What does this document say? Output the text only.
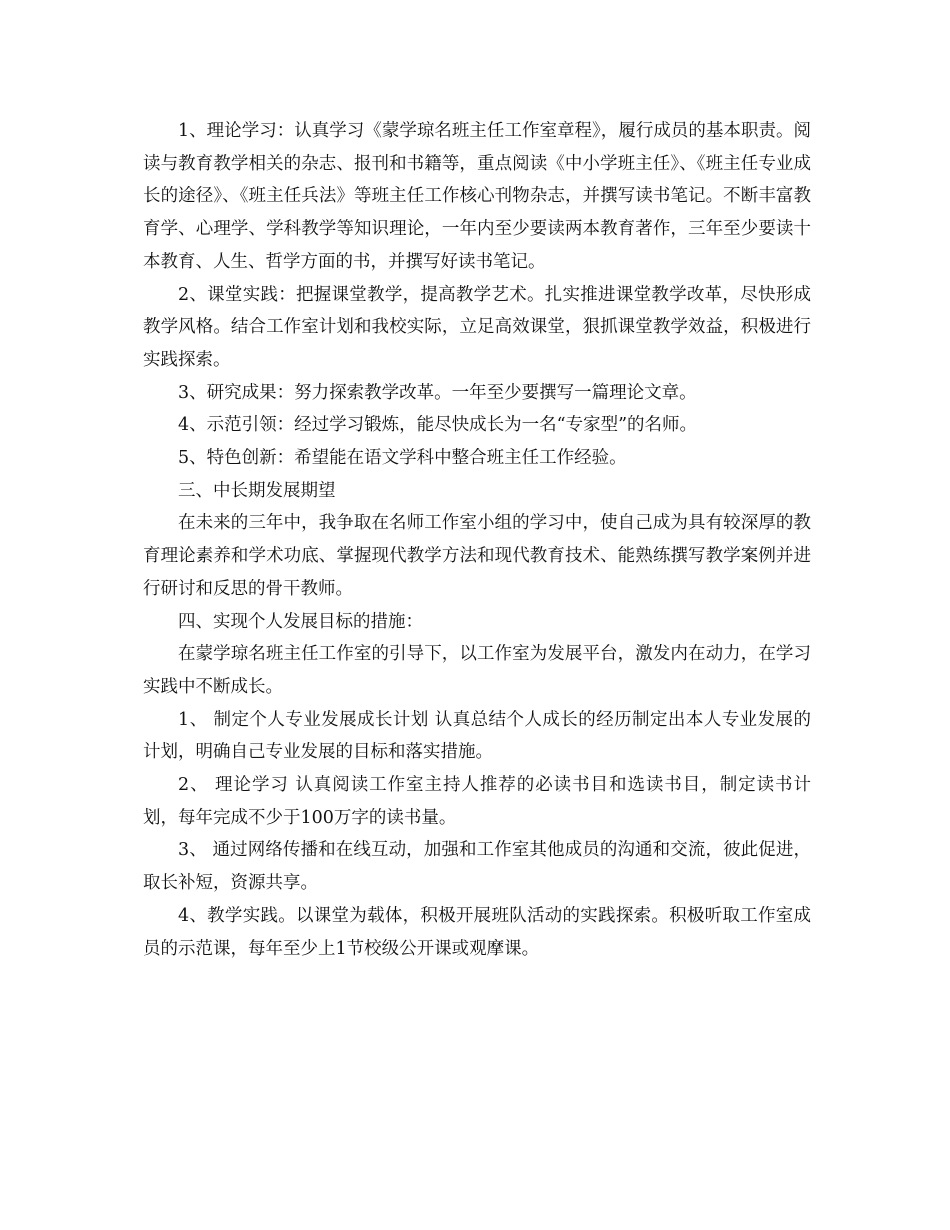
1、理论学习：认真学习《蒙学琼名班主任工作室章程》，履行成员的基本职责。阅读与教育教学相关的杂志、报刊和书籍等，重点阅读《中小学班主任》、《班主任专业成长的途径》、《班主任兵法》等班主任工作核心刊物杂志，并撰写读书笔记。不断丰富教育学、心理学、学科教学等知识理论，一年内至少要读两本教育著作，三年至少要读十本教育、人生、哲学方面的书，并撰写好读书笔记。

2、课堂实践：把握课堂教学，提高教学艺术。扎实推进课堂教学改革，尽快形成教学风格。结合工作室计划和我校实际，立足高效课堂，狠抓课堂教学效益，积极进行实践探索。

3、研究成果：努力探索教学改革。一年至少要撰写一篇理论文章。

4、示范引领：经过学习锻炼，能尽快成长为一名“专家型”的名师。

5、特色创新：希望能在语文学科中整合班主任工作经验。

三、中长期发展期望

在未来的三年中，我争取在名师工作室小组的学习中，使自己成为具有较深厚的教育理论素养和学术功底、掌握现代教学方法和现代教育技术、能熟练撰写教学案例并进行研讨和反思的骨干教师。

四、实现个人发展目标的措施：

在蒙学琼名班主任工作室的引导下，以工作室为发展平台，激发内在动力，在学习实践中不断成长。

1、 制定个人专业发展成长计划 认真总结个人成长的经历制定出本人专业发展的计划，明确自己专业发展的目标和落实措施。

2、 理论学习 认真阅读工作室主持人推荐的必读书目和选读书目，制定读书计划，每年完成不少于100万字的读书量。

3、 通过网络传播和在线互动，加强和工作室其他成员的沟通和交流，彼此促进，取长补短，资源共享。

4、教学实践。以课堂为载体，积极开展班队活动的实践探索。积极听取工作室成员的示范课，每年至少上1节校级公开课或观摩课。
